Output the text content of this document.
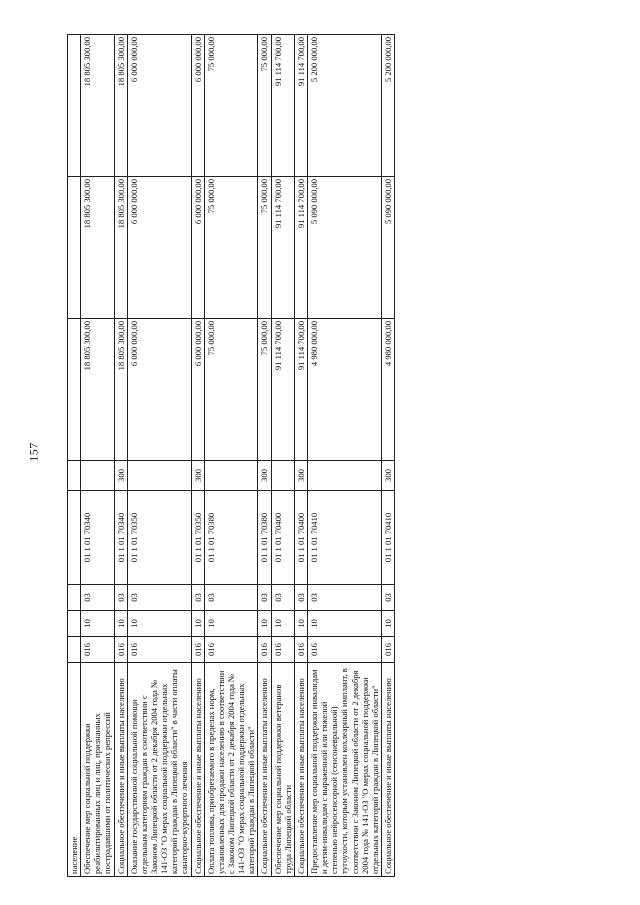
157
население								
Обеспечение мер социальной поддержки реабилитированных лиц и лиц, признанных пострадавшими от политических репрессий	016	10	03	01 1 01 70340		18 805 300,00	18 805 300,00	18 805 300,00
Социальное обеспечение и иные выплаты населению	016	10	03	01 1 01 70340	300	18 805 300,00	18 805 300,00	18 805 300,00
Оказание государственной социальной помощи отдельным категориям граждан в соответствии с Законом Липецкой области от 2 декабря 2004 года № 141-ОЗ "О мерах социальной поддержки отдельных категорий граждан в Липецкой области" в части оплаты санаторно-курортного лечения	016	10	03	01 1 01 70350		6 000 000,00	6 000 000,00	6 000 000,00
Социальное обеспечение и иные выплаты населению	016	10	03	01 1 01 70350	300	6 000 000,00	6 000 000,00	6 000 000,00
Оплата топлива, приобретаемого в пределах норм, установленных для продажи населению в соответствии с Законом Липецкой области от 2 декабря 2004 года № 141-ОЗ "О мерах социальной поддержки отдельных категорий граждан в Липецкой области"	016	10	03	01 1 01 70380		75 000,00	75 000,00	75 000,00
Социальное обеспечение и иные выплаты населению	016	10	03	01 1 01 70380	300	75 000,00	75 000,00	75 000,00
Обеспечение мер социальной поддержки ветеранов труда Липецкой области	016	10	03	01 1 01 70400		91 114 700,00	91 114 700,00	91 114 700,00
Социальное обеспечение и иные выплаты населению	016	10	03	01 1 01 70400	300	91 114 700,00	91 114 700,00	91 114 700,00
Предоставление мер социальной поддержки инвалидам и детям-инвалидам с выраженной или тяжелой степенью нейросенсорной (сенсоневральной) тугоухости, которым установлен кохлеарный имплант, в соответствии с Законом Липецкой области от 2 декабря 2004 года № 141-ОЗ "О мерах социальной поддержки отдельных категорий граждан в Липецкой области"	016	10	03	01 1 01 70410		4 980 000,00	5 090 000,00	5 200 000,00
Социальное обеспечение и иные выплаты населению	016	10	03	01 1 01 70410	300	4 980 000,00	5 090 000,00	5 200 000,00
